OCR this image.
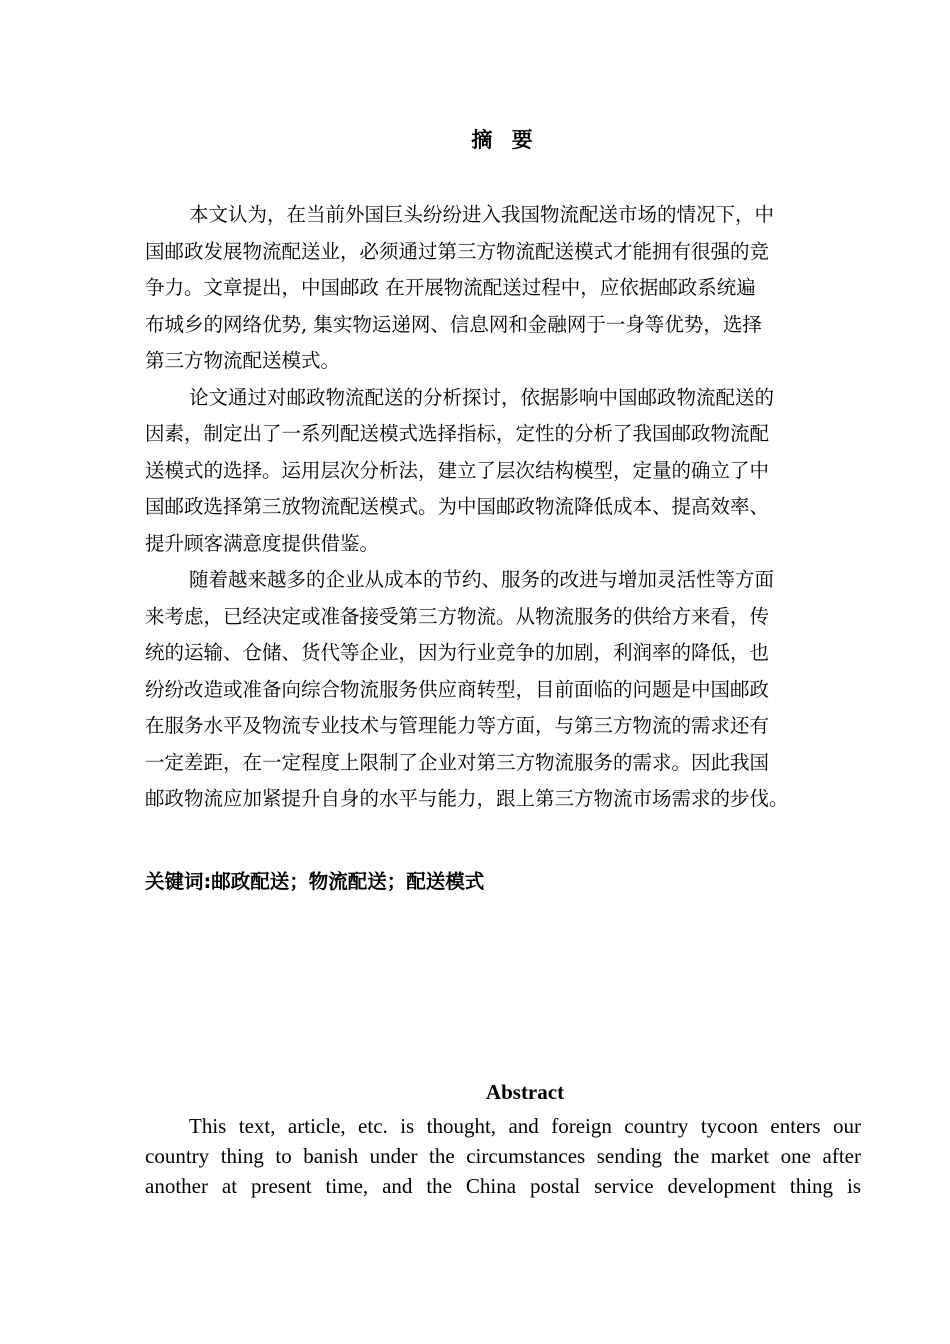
摘 要
本文认为，在当前外国巨头纷纷进入我国物流配送市场的情况下，中
国邮政发展物流配送业，必须通过第三方物流配送模式才能拥有很强的竞
争力。文章提出，中国邮政 在开展物流配送过程中，应依据邮政系统遍
布城乡的网络优势, 集实物运递网、信息网和金融网于一身等优势，选择
第三方物流配送模式。
论文通过对邮政物流配送的分析探讨，依据影响中国邮政物流配送的
因素，制定出了一系列配送模式选择指标，定性的分析了我国邮政物流配
送模式的选择。运用层次分析法，建立了层次结构模型，定量的确立了中
国邮政选择第三放物流配送模式。为中国邮政物流降低成本、提高效率、
提升顾客满意度提供借鉴。
随着越来越多的企业从成本的节约、服务的改进与增加灵活性等方面
来考虑，已经决定或准备接受第三方物流。从物流服务的供给方来看，传
统的运输、仓储、货代等企业，因为行业竞争的加剧，利润率的降低，也
纷纷改造或准备向综合物流服务供应商转型，目前面临的问题是中国邮政
在服务水平及物流专业技术与管理能力等方面，与第三方物流的需求还有
一定差距，在一定程度上限制了企业对第三方物流服务的需求。因此我国
邮政物流应加紧提升自身的水平与能力，跟上第三方物流市场需求的步伐。
关键词:邮政配送；物流配送；配送模式
Abstract
This text, article, etc. is thought, and foreign country tycoon enters our
country thing to banish under the circumstances sending the market one after
another at present time, and the China postal service development thing is
